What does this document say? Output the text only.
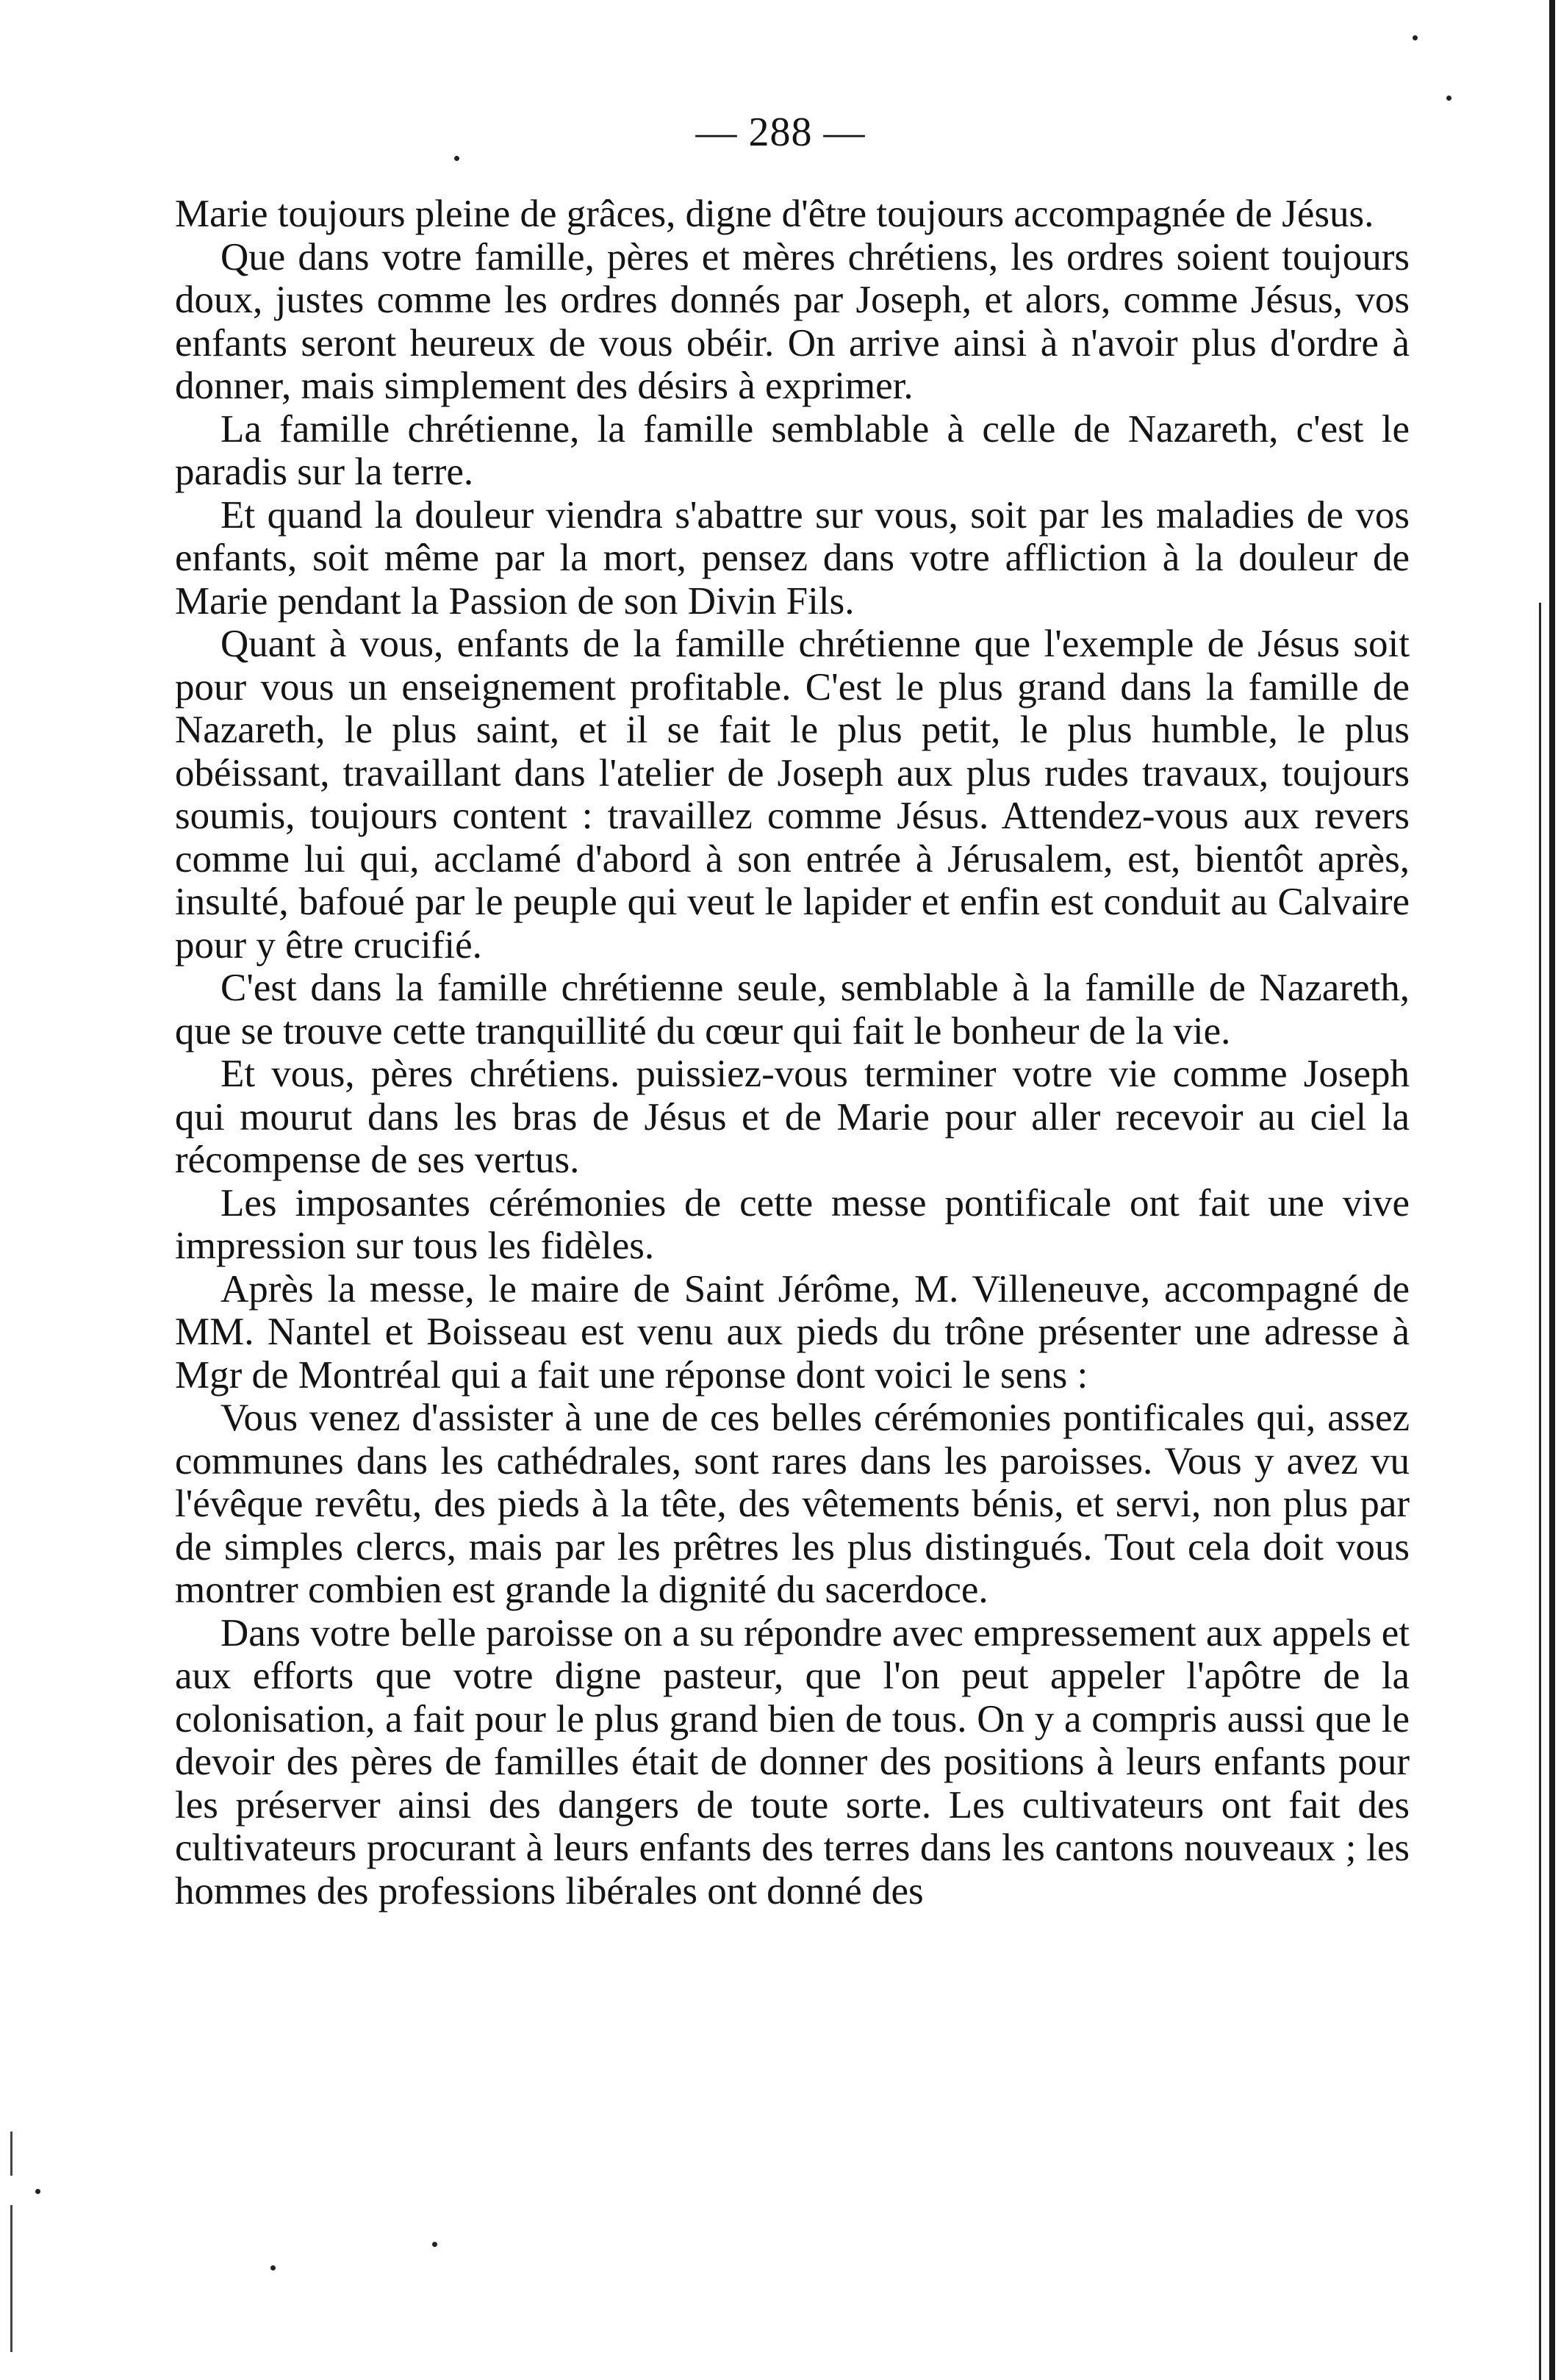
— 288 —

Marie toujours pleine de grâces, digne d'être toujours accompagnée de Jésus.

Que dans votre famille, pères et mères chrétiens, les ordres soient toujours doux, justes comme les ordres donnés par Joseph, et alors, comme Jésus, vos enfants seront heureux de vous obéir. On arrive ainsi à n'avoir plus d'ordre à donner, mais simplement des désirs à exprimer.

La famille chrétienne, la famille semblable à celle de Nazareth, c'est le paradis sur la terre.

Et quand la douleur viendra s'abattre sur vous, soit par les maladies de vos enfants, soit même par la mort, pensez dans votre affliction à la douleur de Marie pendant la Passion de son Divin Fils.

Quant à vous, enfants de la famille chrétienne que l'exemple de Jésus soit pour vous un enseignement profitable. C'est le plus grand dans la famille de Nazareth, le plus saint, et il se fait le plus petit, le plus humble, le plus obéissant, travaillant dans l'atelier de Joseph aux plus rudes travaux, toujours soumis, toujours content : travaillez comme Jésus. Attendez-vous aux revers comme lui qui, acclamé d'abord à son entrée à Jérusalem, est, bientôt après, insulté, bafoué par le peuple qui veut le lapider et enfin est conduit au Calvaire pour y être crucifié.

C'est dans la famille chrétienne seule, semblable à la famille de Nazareth, que se trouve cette tranquillité du cœur qui fait le bonheur de la vie.

Et vous, pères chrétiens. puissiez-vous terminer votre vie comme Joseph qui mourut dans les bras de Jésus et de Marie pour aller recevoir au ciel la récompense de ses vertus.

Les imposantes cérémonies de cette messe pontificale ont fait une vive impression sur tous les fidèles.

Après la messe, le maire de Saint Jérôme, M. Villeneuve, accompagné de MM. Nantel et Boisseau est venu aux pieds du trône présenter une adresse à Mgr de Montréal qui a fait une réponse dont voici le sens :

Vous venez d'assister à une de ces belles cérémonies pontificales qui, assez communes dans les cathédrales, sont rares dans les paroisses. Vous y avez vu l'évêque revêtu, des pieds à la tête, des vêtements bénis, et servi, non plus par de simples clercs, mais par les prêtres les plus distingués. Tout cela doit vous montrer combien est grande la dignité du sacerdoce.

Dans votre belle paroisse on a su répondre avec empressement aux appels et aux efforts que votre digne pasteur, que l'on peut appeler l'apôtre de la colonisation, a fait pour le plus grand bien de tous. On y a compris aussi que le devoir des pères de familles était de donner des positions à leurs enfants pour les préserver ainsi des dangers de toute sorte. Les cultivateurs ont fait des cultivateurs procurant à leurs enfants des terres dans les cantons nouveaux ; les hommes des professions libérales ont donné des
